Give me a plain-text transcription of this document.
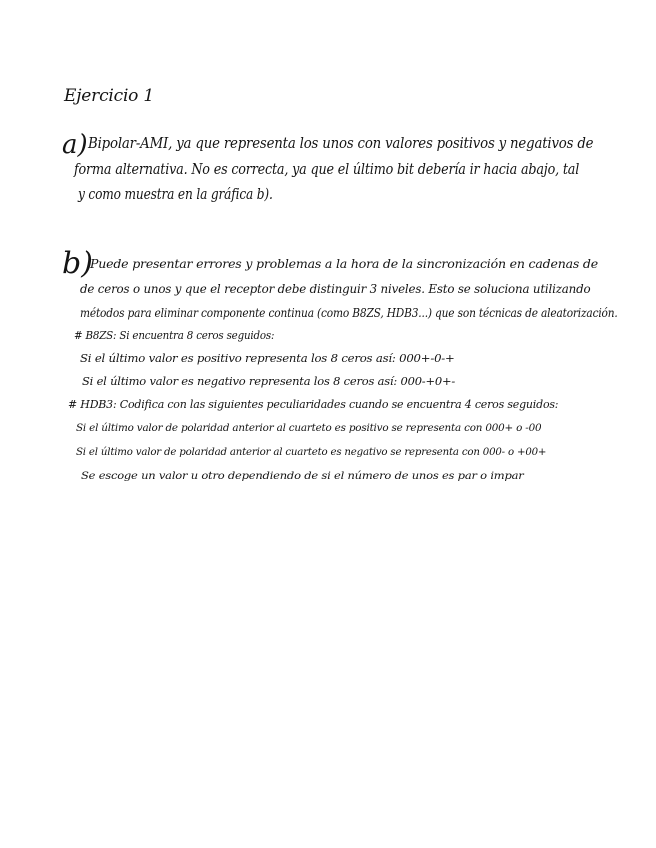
Ejercicio 1
a) Bipolar-AMI, ya que representa los unos con valores positivos y negativos de
forma alternativa. No es correcta, ya que el último bit debería ir hacia abajo, tal
y como muestra en la gráfica b).
b)
Puede presentar errores y problemas a la hora de la sincronización en cadenas de
de ceros o unos y que el receptor debe distinguir 3 niveles. Esto se soluciona utilizando
métodos para eliminar componente continua (como B8ZS, HDB3...) que son técnicas de aleatorización.
# B8ZS: Si encuentra 8 ceros seguidos:
Si el último valor es positivo representa los 8 ceros así: 000+-0-+
Si el último valor es negativo representa los 8 ceros así: 000-+0+-
# HDB3: Codifica con las siguientes peculiaridades cuando se encuentra 4 ceros seguidos:
Si el último valor de polaridad anterior al cuarteto es positivo se representa con 000+ o -00
Si el último valor de polaridad anterior al cuarteto es negativo se representa con 000- o +00+
Se escoge un valor u otro dependiendo de si el número de unos es par o impar
